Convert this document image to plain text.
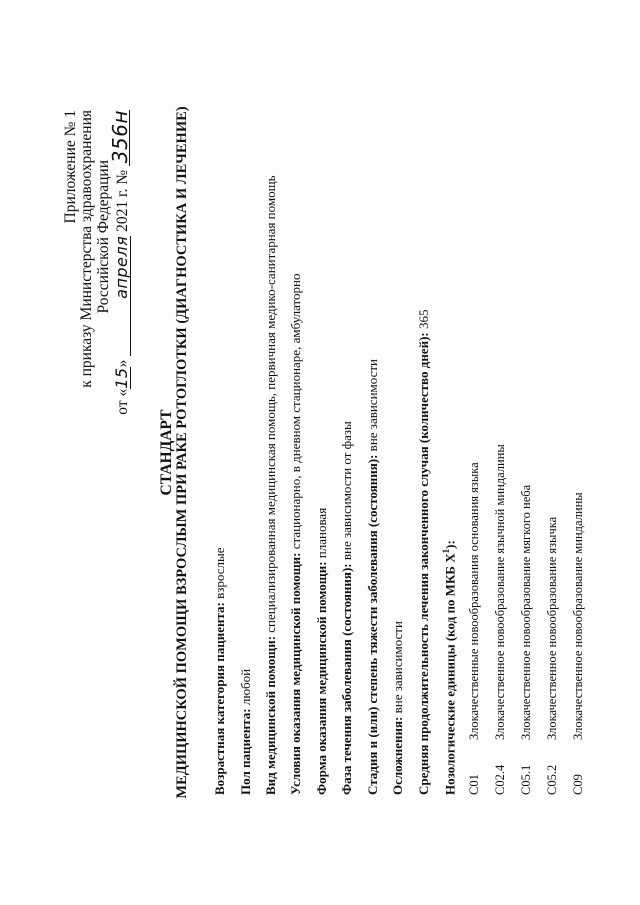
Приложение № 1 к приказу Министерства здравоохранения Российской Федерации
от «15» апреля 2021 г. № 356н
СТАНДАРТ МЕДИЦИНСКОЙ ПОМОЩИ ВЗРОСЛЫМ ПРИ РАКЕ РОТОГЛОТКИ (ДИАГНОСТИКА И ЛЕЧЕНИЕ) Возрастная категория пациента: взрослые
Пол пациента: любой Вид медицинской помощи: специализированная медицинская помощь, первичная медико-санитарная помощь
Условия оказания медицинской помощи: стационарно, в дневном стационаре, амбулаторно
Форма оказания медицинской помощи: плановая
Фаза течения заболевания (состояния): вне зависимости от фазы Стадия и (или) степень тяжести заболевания (состояния): вне зависимости
Осложнения: вне зависимости Средняя продолжительность лечения законченного случая (количество дней): 365
Нозологические единицы (код по МКБ $X^1$):
C01
Злокачественные новообразования основания языка
C02.4
Злокачественное новообразование язычной миндалины
C05.1
Злокачественное новообразование мягкого неба
C05.2
Злокачественное новообразование язычка
C09
Злокачественное новообразование миндалины
